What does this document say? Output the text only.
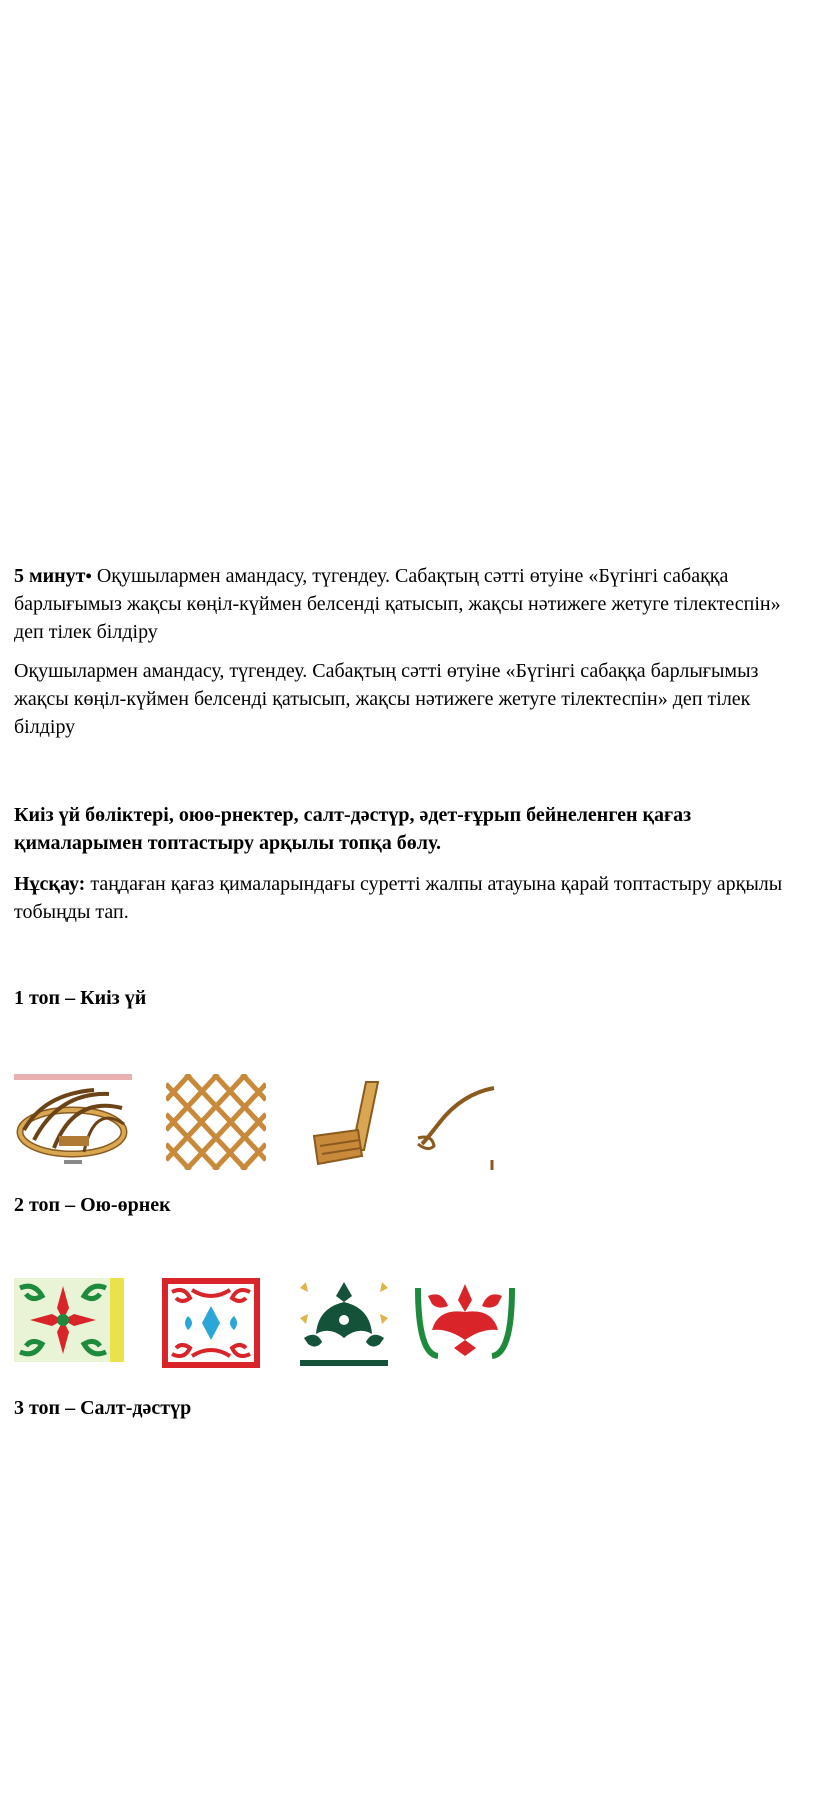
5 минут• Оқушылармен амандасу, түгендеу. Сабақтың сәтті өтуіне «Бүгінгі сабаққа
барлығымыз жақсы көңіл-күймен белсенді қатысып, жақсы нәтижеге жетуге тілектеспін»
деп тілек білдіру

Оқушылармен амандасу, түгендеу. Сабақтың сәтті өтуіне «Бүгінгі сабаққа барлығымыз
жақсы көңіл-күймен белсенді қатысып, жақсы нәтижеге жетуге тілектеспін» деп тілек
білдіру

Киіз үй бөліктері, оюө-рнектер, салт-дәстүр, әдет-ғұрып бейнеленген қағаз
қималарымен топтастыру арқылы топқа бөлу.

Нұсқау: таңдаған қағаз қималарындағы суретті жалпы атауына қарай топтастыру арқылы
тобыңды тап.

1 топ – Киіз үй

2 топ – Ою-өрнек

3 топ – Салт-дәстүр
